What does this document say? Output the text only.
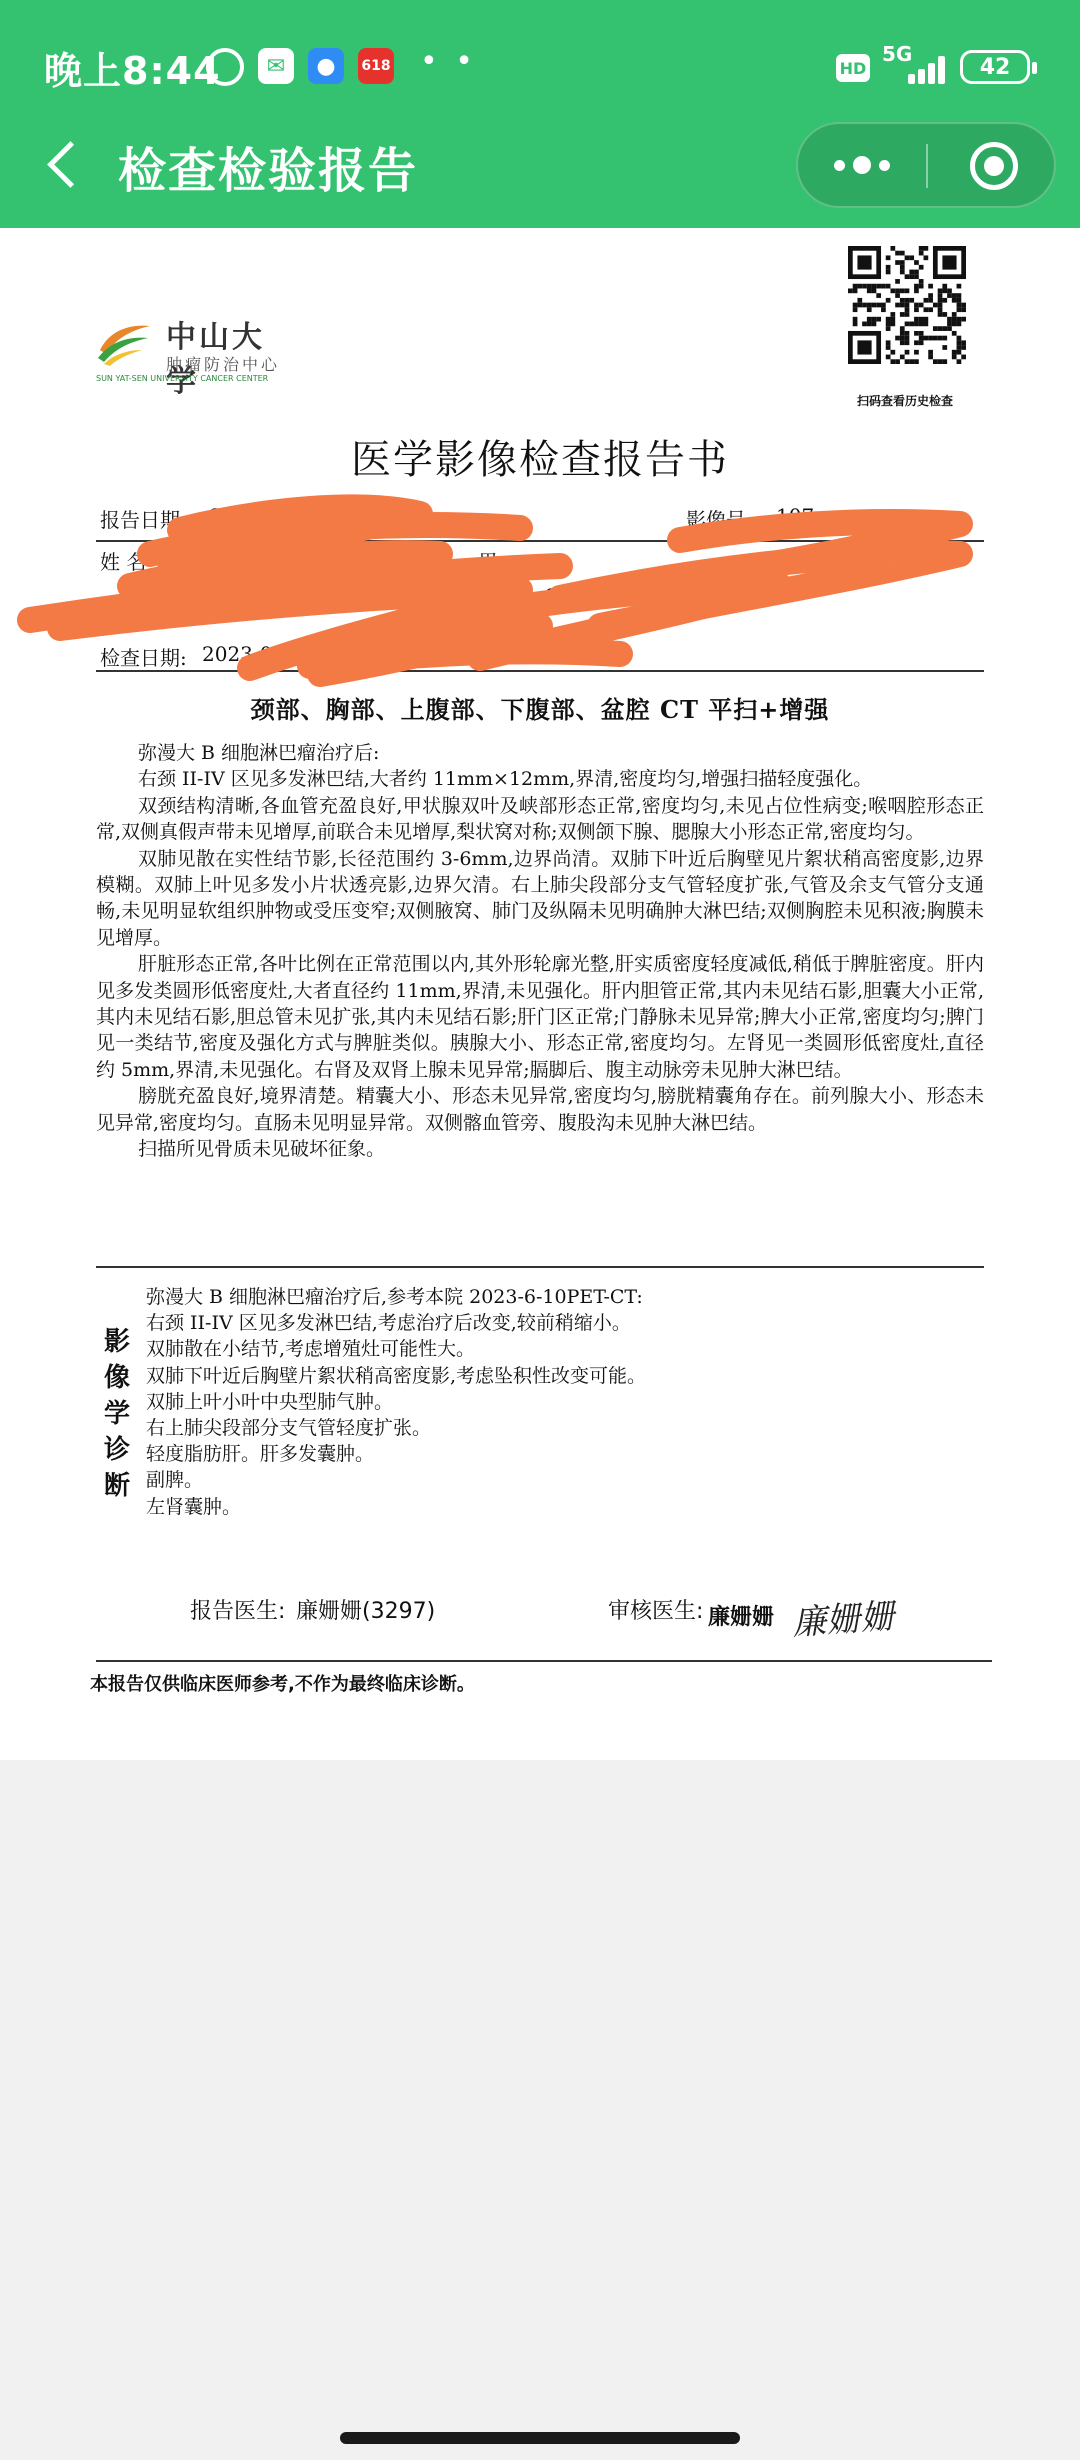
晚上8:44	✉	●	618 • •	HD
5G
42
检查检验报告
中山大学
肿瘤防治中心
SUN YAT-SEN UNIVERSITY CANCER CENTER
扫码查看历史检查
医学影像检查报告书
报告日期: 2023-09-2	影像号: 107
姓 名	性 别: 男
289	床 号:
检查日期: 2023-09-2
颈部、胸部、上腹部、下腹部、盆腔 CT 平扫+增强

弥漫大 B 细胞淋巴瘤治疗后:

右颈 II-IV 区见多发淋巴结,大者约 11mm×12mm,界清,密度均匀,增强扫描轻度强化。

双颈结构清晰,各血管充盈良好,甲状腺双叶及峡部形态正常,密度均匀,未见占位性病变;喉咽腔形态正常,双侧真假声带未见增厚,前联合未见增厚,梨状窝对称;双侧颌下腺、腮腺大小形态正常,密度均匀。

双肺见散在实性结节影,长径范围约 3-6mm,边界尚清。双肺下叶近后胸壁见片絮状稍高密度影,边界模糊。双肺上叶见多发小片状透亮影,边界欠清。右上肺尖段部分支气管轻度扩张,气管及余支气管分支通畅,未见明显软组织肿物或受压变窄;双侧腋窝、肺门及纵隔未见明确肿大淋巴结;双侧胸腔未见积液;胸膜未见增厚。

肝脏形态正常,各叶比例在正常范围以内,其外形轮廓光整,肝实质密度轻度减低,稍低于脾脏密度。肝内见多发类圆形低密度灶,大者直径约 11mm,界清,未见强化。肝内胆管正常,其内未见结石影,胆囊大小正常,其内未见结石影,胆总管未见扩张,其内未见结石影;肝门区正常;门静脉未见异常;脾大小正常,密度均匀;脾门见一类结节,密度及强化方式与脾脏类似。胰腺大小、形态正常,密度均匀。左肾见一类圆形低密度灶,直径约 5mm,界清,未见强化。右肾及双肾上腺未见异常;膈脚后、腹主动脉旁未见肿大淋巴结。

膀胱充盈良好,境界清楚。精囊大小、形态未见异常,密度均匀,膀胱精囊角存在。前列腺大小、形态未见异常,密度均匀。直肠未见明显异常。双侧髂血管旁、腹股沟未见肿大淋巴结。

扫描所见骨质未见破坏征象。

影
像
学
诊
断
弥漫大 B 细胞淋巴瘤治疗后,参考本院 2023-6-10PET-CT:
右颈 II-IV 区见多发淋巴结,考虑治疗后改变,较前稍缩小。
双肺散在小结节,考虑增殖灶可能性大。
双肺下叶近后胸壁片絮状稍高密度影,考虑坠积性改变可能。
双肺上叶小叶中央型肺气肿。
右上肺尖段部分支气管轻度扩张。
轻度脂肪肝。肝多发囊肿。
副脾。
左肾囊肿。
报告医生: 廉姗姗(3297)	审核医生: 廉姗姗 廉姗姗
本报告仅供临床医师参考,不作为最终临床诊断。
